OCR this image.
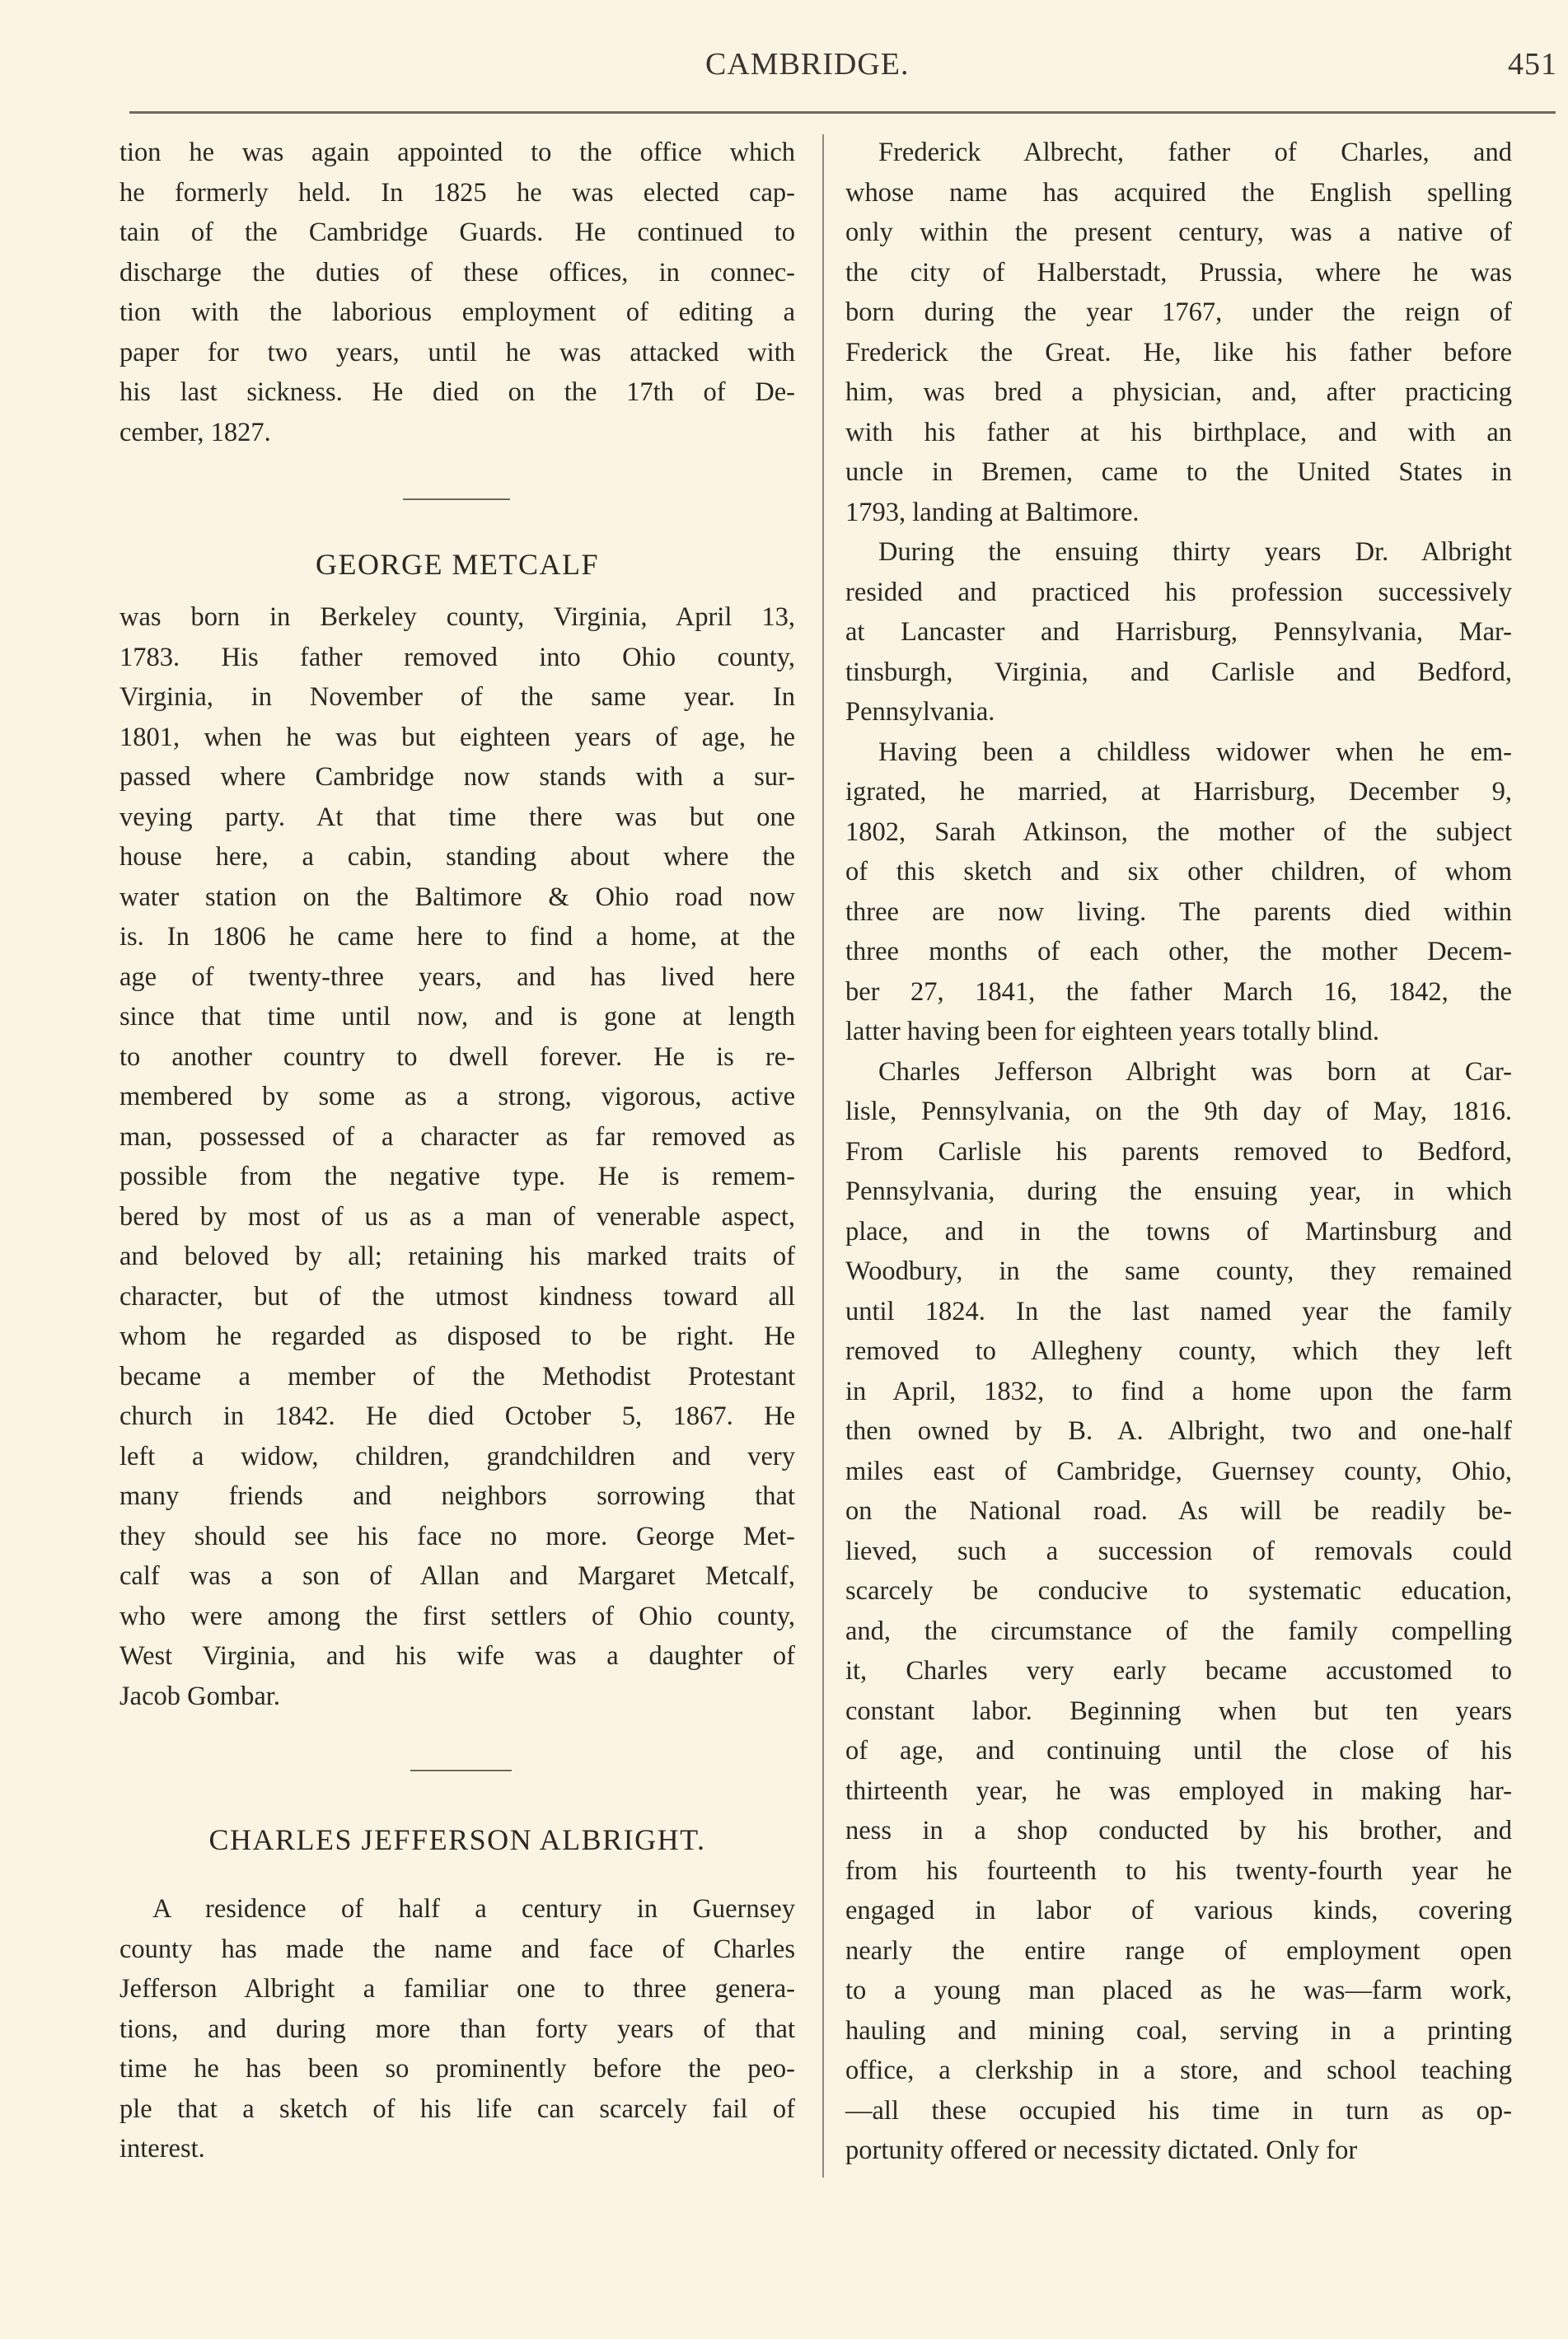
CAMBRIDGE.	451
tion he was again appointed to the office which
he formerly held. In 1825 he was elected cap-
tain of the Cambridge Guards. He continued to
discharge the duties of these offices, in connec-
tion with the laborious employment of editing a
paper for two years, until he was attacked with
his last sickness. He died on the 17th of De-
cember, 1827.
GEORGE METCALF
was born in Berkeley county, Virginia, April 13,
1783. His father removed into Ohio county,
Virginia, in November of the same year. In
1801, when he was but eighteen years of age, he
passed where Cambridge now stands with a sur-
veying party. At that time there was but one
house here, a cabin, standing about where the
water station on the Baltimore & Ohio road now
is. In 1806 he came here to find a home, at the
age of twenty-three years, and has lived here
since that time until now, and is gone at length
to another country to dwell forever. He is re-
membered by some as a strong, vigorous, active
man, possessed of a character as far removed as
possible from the negative type. He is remem-
bered by most of us as a man of venerable aspect,
and beloved by all; retaining his marked traits of
character, but of the utmost kindness toward all
whom he regarded as disposed to be right. He
became a member of the Methodist Protestant
church in 1842. He died October 5, 1867. He
left a widow, children, grandchildren and very
many friends and neighbors sorrowing that
they should see his face no more. George Met-
calf was a son of Allan and Margaret Metcalf,
who were among the first settlers of Ohio county,
West Virginia, and his wife was a daughter of
Jacob Gombar.
CHARLES JEFFERSON ALBRIGHT.
A residence of half a century in Guernsey
county has made the name and face of Charles
Jefferson Albright a familiar one to three genera-
tions, and during more than forty years of that
time he has been so prominently before the peo-
ple that a sketch of his life can scarcely fail of
interest.
Frederick Albrecht, father of Charles, and
whose name has acquired the English spelling
only within the present century, was a native of
the city of Halberstadt, Prussia, where he was
born during the year 1767, under the reign of
Frederick the Great. He, like his father before
him, was bred a physician, and, after practicing
with his father at his birthplace, and with an
uncle in Bremen, came to the United States in
1793, landing at Baltimore.
During the ensuing thirty years Dr. Albright
resided and practiced his profession successively
at Lancaster and Harrisburg, Pennsylvania, Mar-
tinsburgh, Virginia, and Carlisle and Bedford,
Pennsylvania.
Having been a childless widower when he em-
igrated, he married, at Harrisburg, December 9,
1802, Sarah Atkinson, the mother of the subject
of this sketch and six other children, of whom
three are now living. The parents died within
three months of each other, the mother Decem-
ber 27, 1841, the father March 16, 1842, the
latter having been for eighteen years totally blind.
Charles Jefferson Albright was born at Car-
lisle, Pennsylvania, on the 9th day of May, 1816.
From Carlisle his parents removed to Bedford,
Pennsylvania, during the ensuing year, in which
place, and in the towns of Martinsburg and
Woodbury, in the same county, they remained
until 1824. In the last named year the family
removed to Allegheny county, which they left
in April, 1832, to find a home upon the farm
then owned by B. A. Albright, two and one-half
miles east of Cambridge, Guernsey county, Ohio,
on the National road. As will be readily be-
lieved, such a succession of removals could
scarcely be conducive to systematic education,
and, the circumstance of the family compelling
it, Charles very early became accustomed to
constant labor. Beginning when but ten years
of age, and continuing until the close of his
thirteenth year, he was employed in making har-
ness in a shop conducted by his brother, and
from his fourteenth to his twenty-fourth year he
engaged in labor of various kinds, covering
nearly the entire range of employment open
to a young man placed as he was—farm work,
hauling and mining coal, serving in a printing
office, a clerkship in a store, and school teaching
—all these occupied his time in turn as op-
portunity offered or necessity dictated. Only for
